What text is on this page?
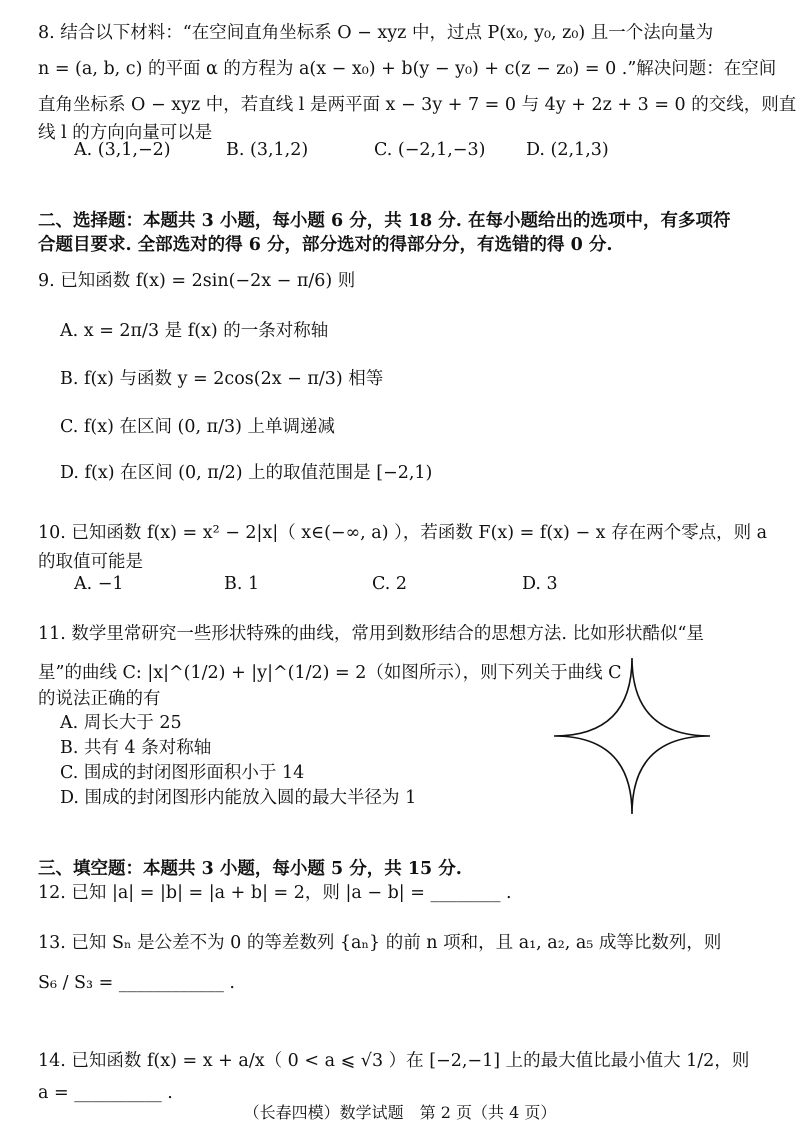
8. 结合以下材料：“在空间直角坐标系 O − xyz 中，过点 P(x₀, y₀, z₀) 且一个法向量为
n = (a, b, c) 的平面 α 的方程为 a(x − x₀) + b(y − y₀) + c(z − z₀) = 0 .”解决问题：在空间
直角坐标系 O − xyz 中，若直线 l 是两平面 x − 3y + 7 = 0 与 4y + 2z + 3 = 0 的交线，则直
线 l 的方向向量可以是
A. (3,1,−2)	B. (3,1,2)	C. (−2,1,−3) D. (2,1,3)
二、选择题：本题共 3 小题，每小题 6 分，共 18 分. 在每小题给出的选项中，有多项符
合题目要求. 全部选对的得 6 分，部分选对的得部分分，有选错的得 0 分.
9. 已知函数 f(x) = 2sin(−2x − π/6) 则
A. x = 2π/3 是 f(x) 的一条对称轴
B. f(x) 与函数 y = 2cos(2x − π/3) 相等
C. f(x) 在区间 (0, π/3) 上单调递减
D. f(x) 在区间 (0, π/2) 上的取值范围是 [−2,1)
10. 已知函数 f(x) = x² − 2|x|（ x∈(−∞, a) ），若函数 F(x) = f(x) − x 存在两个零点，则 a
的取值可能是
A. −1	B. 1	C. 2	D. 3
11. 数学里常研究一些形状特殊的曲线，常用到数形结合的思想方法. 比如形状酷似“星
星”的曲线 C: |x|^(1/2) + |y|^(1/2) = 2（如图所示），则下列关于曲线 C
的说法正确的有
A. 周长大于 25
B. 共有 4 条对称轴
C. 围成的封闭图形面积小于 14
D. 围成的封闭图形内能放入圆的最大半径为 1
三、填空题：本题共 3 小题，每小题 5 分，共 15 分.
12. 已知 |a| = |b| = |a + b| = 2，则 |a − b| = ________ .
13. 已知 Sₙ 是公差不为 0 的等差数列 {aₙ} 的前 n 项和，且 a₁, a₂, a₅ 成等比数列，则
S₆ / S₃ = ____________ .
14. 已知函数 f(x) = x + a/x（ 0 < a ⩽ √3 ）在 [−2,−1] 上的最大值比最小值大 1/2，则
a = __________ .
（长春四模）数学试题　第 2 页（共 4 页）
